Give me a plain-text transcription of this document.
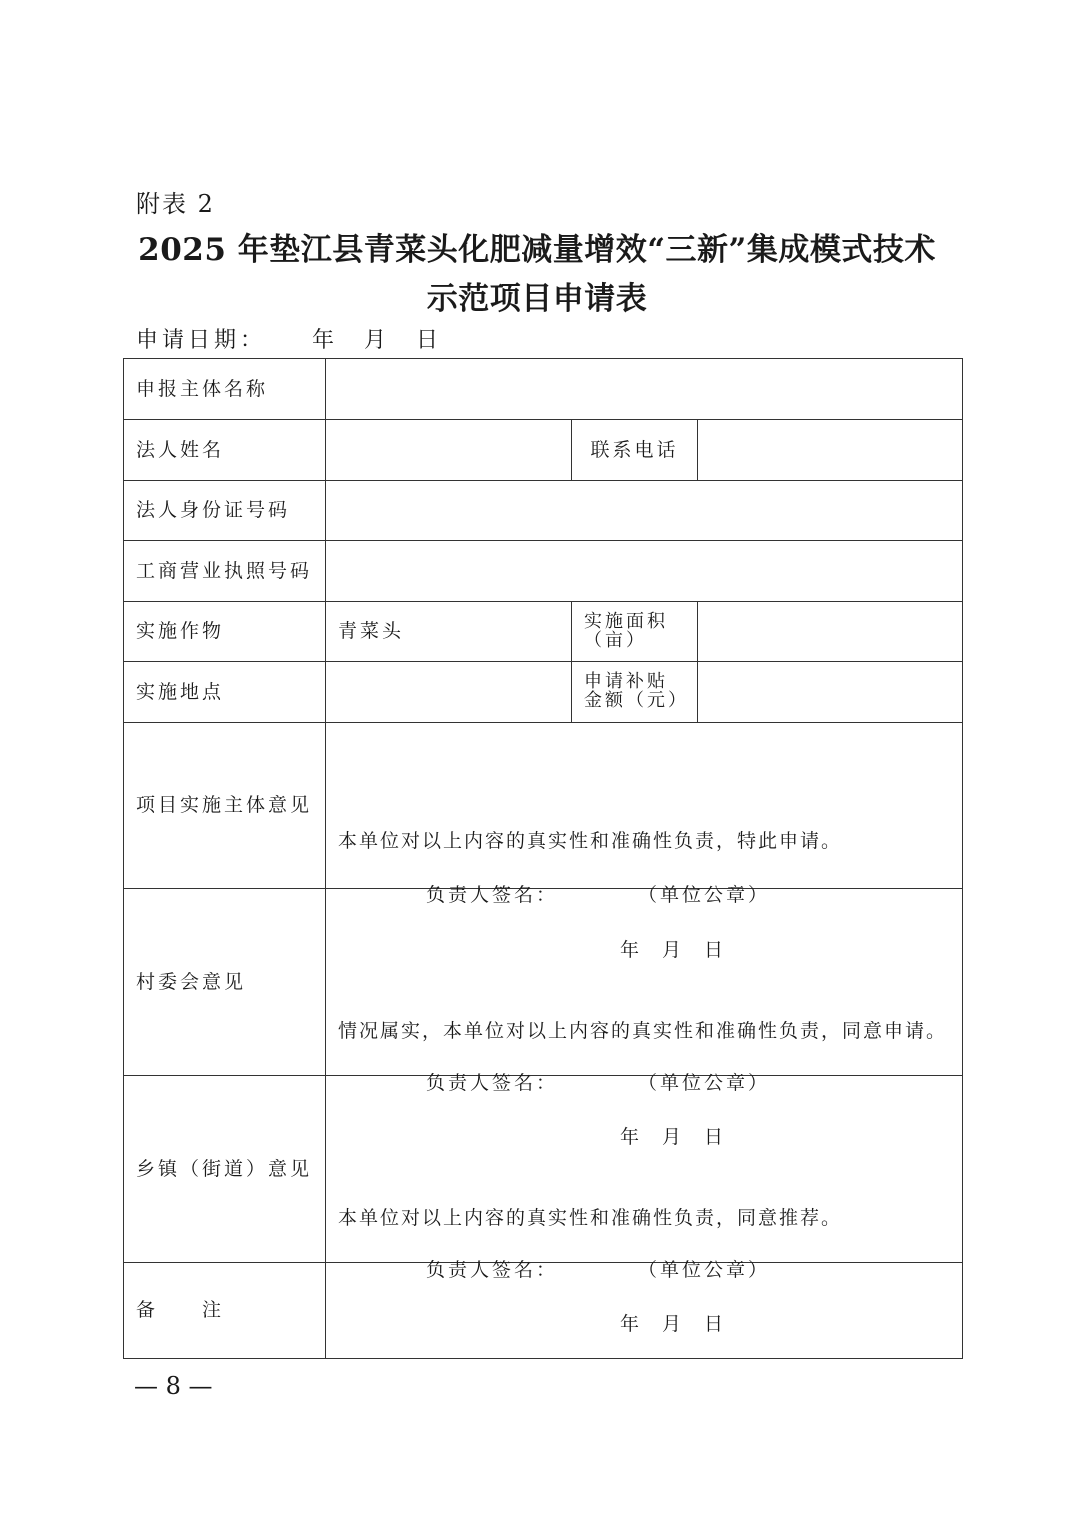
附表 2
2025 年垫江县青菜头化肥减量增效“三新”集成模式技术
示范项目申请表
申请日期： 年 月 日
申报主体名称			
法人姓名		联系电话	
法人身份证号码			
工商营业执照号码			
实施作物	青菜头	实施面积（亩）	
实施地点		申请补贴金额（元）	
项目实施主体意见	本单位对以上内容的真实性和准确性负责，特此申请。
负责人签名： （单位公章）
年 月 日		

村委会意见	情况属实，本单位对以上内容的真实性和准确性负责，同意申请。
负责人签名： （单位公章）
年 月 日		

乡镇（街道）意见	本单位对以上内容的真实性和准确性负责，同意推荐。
负责人签名： （单位公章）
年 月 日		

备　　注			
— 8 —
